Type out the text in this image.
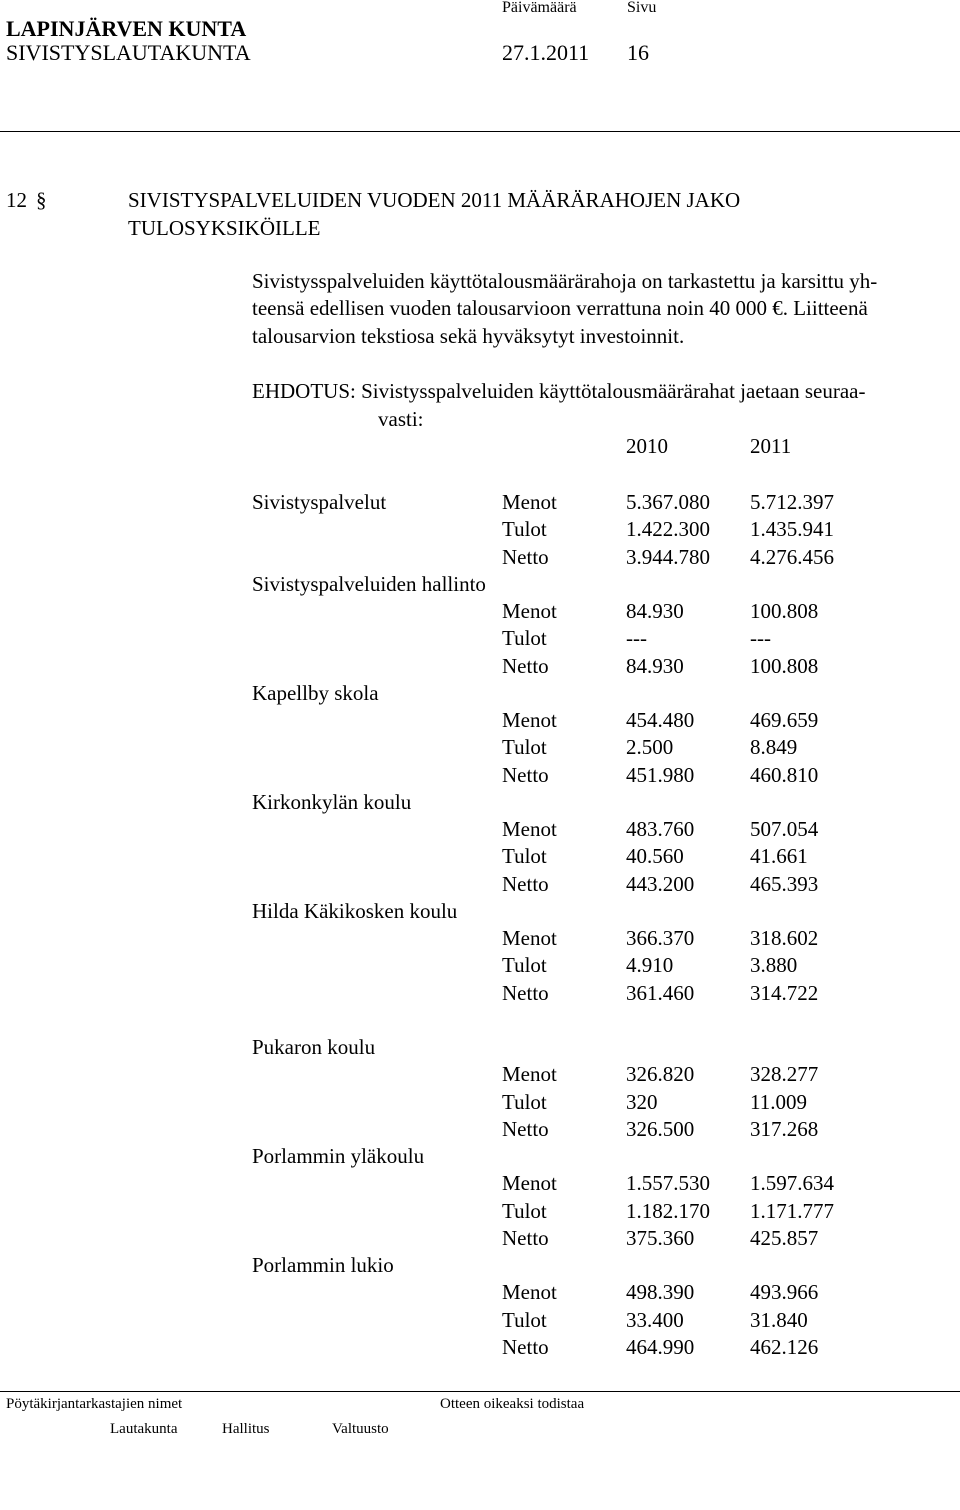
LAPINJÄRVEN KUNTA
SIVISTYSLAUTAKUNTA
Päivämäärä	Sivu
27.1.2011 16
12 §	SIVISTYSPALVELUIDEN VUODEN 2011 MÄÄRÄRAHOJEN JAKO
TULOSYKSIKÖILLE
Sivistysspalveluiden käyttötalousmäärärahoja on tarkastettu ja karsittu yh-
teensä edellisen vuoden talousarvioon verrattuna noin 40 000 €. Liitteenä
talousarvion tekstiosa sekä hyväksytyt investoinnit.
EHDOTUS: Sivistysspalveluiden käyttötalousmäärärahat jaetaan seuraa-
vasti:
2010	2011
Sivistyspalvelut	Menot	5.367.080 5.712.397
Tulot	1.422.300 1.435.941
Netto	3.944.780 4.276.456
Sivistyspalveluiden hallinto
Menot	84.930	100.808
Tulot	---	---
Netto	84.930	100.808
Kapellby skola
Menot	454.480	469.659
Tulot	2.500	8.849
Netto	451.980	460.810
Kirkonkylän koulu
Menot	483.760	507.054
Tulot	40.560	41.661
Netto	443.200	465.393
Hilda Käkikosken koulu
Menot	366.370	318.602
Tulot	4.910	3.880
Netto	361.460	314.722
Pukaron koulu
Menot	326.820	328.277
Tulot	320	11.009
Netto	326.500	317.268
Porlammin yläkoulu
Menot	1.557.530 1.597.634
Tulot	1.182.170 1.171.777
Netto	375.360	425.857
Porlammin lukio
Menot	498.390	493.966
Tulot	33.400	31.840
Netto	464.990	462.126
Pöytäkirjantarkastajien nimet	Otteen oikeaksi todistaa
Lautakunta	Hallitus	Valtuusto
